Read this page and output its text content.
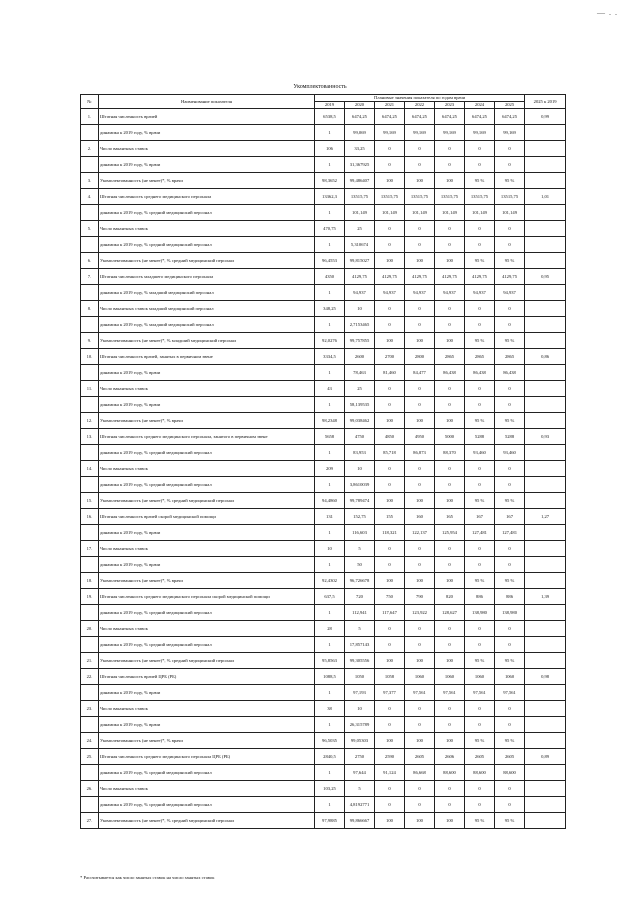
— . .
Укомплектованность
№	Наименование показателя	Плановые значения показателя по годам врачи							2025 к 2019
		2019	2020	2021	2022	2023	2024	2025	
1.	Штатная численность врачей	6538,5	6474,25	6474,25	6474,25	6474,25	6474,25	6474,25	0,99
	динамика к 2019 году, % врачи	1	99,069	99,169	99,169	99,169	99,169	99,169	
2.	Число вакантных ставок	106	33,25	0	0	0	0	0	
	динамика к 2019 году, % врачи	1	31,367925	0	0	0	0	0	
3.	Укомплектованность (не менее)*, % врачи	98,3652	99,486407	100	100	100	95 %	95 %	
4.	Штатная численность среднего медицинского персонала	13362,3	13515,75	13515,75	13515,75	13515,75	13515,75	13515,75	1,01
	динамика к 2019 году, % средний медицинский персонал	1	101,149	101,149	101,149	101,149	101,149	101,149	
5.	Число вакантных ставок	470,75	25	0	0	0	0	0	
	динамика к 2019 году, % средний медицинский персонал	1	5,310674	0	0	0	0	0	
6.	Укомплектованность (не менее)*, % средний медицинский персонал	96,4553	99,815027	100	100	100	95 %	95 %	
7.	Штатная численность младшего медицинского персонала	4350	4129,75	4129,75	4129,75	4129,75	4129,75	4129,75	0,95
	динамика к 2019 году, % младший медицинский персонал	1	94,937	94,937	94,937	94,937	94,937	94,937	
8.	Число вакантных ставок младший медицинский персонал	348,25	10	0	0	0	0	0	
	динамика к 2019 году, % младший медицинский персонал	1	2,7153465	0	0	0	0	0	
9.	Укомплектованность (не менее)*, % младший медицинский персонал	92,0276	99,757855	100	100	100	95 %	95 %	
10.	Штатная численность врачей, занятых в первичном звене	3334,5	2600	2700	2800	2865	2865	2865	0,86
	динамика к 2019 году, % врачи	1	78,463	81,460	84,477	86,438	86,438	86,438	
11.	Число вакантных ставок	43	25	0	0	0	0	0	
	динамика к 2019 году, % врачи	1	58,139535	0	0	0	0	0	
12.	Укомплектованность (не менее)*, % врачи	98,2348	99,038462	100	100	100	95 %	95 %	
13.	Штатная численность среднего медицинского персонала, занятого в первичном звене	5658	4750	4850	4950	5000	5288	5288	0,93
	динамика к 2019 году, % средний медицинский персонал	1	83,953	85,718	86,873	88,370	93,460	93,460	
14.	Число вакантных ставок	209	10	0	0	0	0	0	
	динамика к 2019 году, % средний медицинский персонал	1	3,8610039	0	0	0	0	0	
15.	Укомплектованность (не менее)*, % средний медицинский персонал	94,4860	99,789474	100	100	100	95 %	95 %	
16.	Штатная численность врачей скорой медицинской помощи	131	152,75	155	160	165	167	167	1,27
	динамика к 2019 году, % врачи	1	116,603	118,321	122,137	125,954	127,481	127,481	
17.	Число вакантных ставок	10	5	0	0	0	0	0	
	динамика к 2019 году, % врачи	1	50	0	0	0	0	0	
18.	Укомплектованность (не менее)*, % врачи	92,4302	96,726678	100	100	100	95 %	95 %	
19.	Штатная численность среднего медицинского персонала скорой медицинской помощи	637,5	720	750	790	820	886	886	1,39
	динамика к 2019 году, % средний медицинский персонал	1	112,941	117,647	123,922	128,627	138,980	138,980	
20.	Число вакантных ставок	28	5	0	0	0	0	0	
	динамика к 2019 году, % средний медицинский персонал	1	17,857143	0	0	0	0	0	
21.	Укомплектованность (не менее)*, % средний медицинский персонал	95,8563	99,305556	100	100	100	95 %	95 %	
22.	Штатная численность врачей ЦРБ (РБ)	1088,5	1050	1058	1060	1060	1060	1060	0,98
	динамика к 2019 году, % врачи	1	97,193	97,377	97,561	97,561	97,561	97,561	
23.	Число вакантных ставок	38	10	0	0	0	0	0	
	динамика к 2019 году, % врачи	1	26,315789	0	0	0	0	0	
24.	Укомплектованность (не менее)*, % врачи	96,5035	99,05303	100	100	100	95 %	95 %	
25.	Штатная численность среднего медицинского персонала ЦРБ (РБ)	2840,5	2750	2590	2605	2606	2605	2605	0,89
	динамика к 2019 году, % средний медицинский персонал	1	97,644	91,124	86,668	88,600	88,600	88,600	
26.	Число вакантных ставок	103,25	5	0	0	0	0	0	
	динамика к 2019 году, % средний медицинский персонал	1	4,8192771	0	0	0	0	0	
27.	Укомплектованность (не менее)*, % средний медицинский персонал	97,9885	99,866667	100	100	100	95 %	95 %	
* Рассчитывается как число занятых ставок на число занятых ставок
